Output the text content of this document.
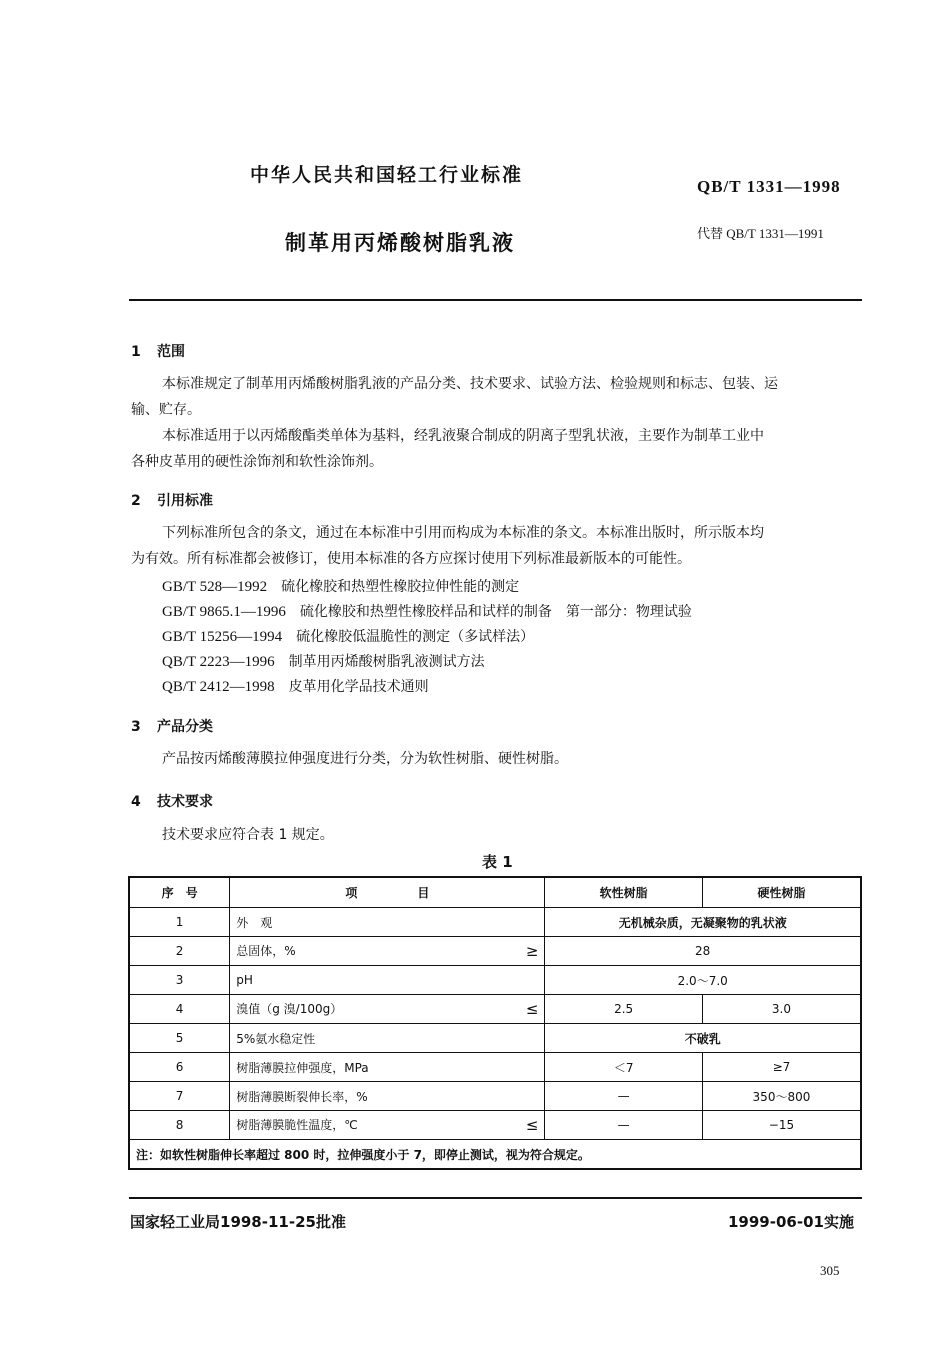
中华人民共和国轻工行业标准
QB/T 1331—1998
制革用丙烯酸树脂乳液	代替 QB/T 1331—1991
1 范围
本标准规定了制革用丙烯酸树脂乳液的产品分类、技术要求、试验方法、检验规则和标志、包装、运
输、贮存。
本标准适用于以丙烯酸酯类单体为基料，经乳液聚合制成的阴离子型乳状液，主要作为制革工业中
各种皮革用的硬性涂饰剂和软性涂饰剂。
2 引用标准
下列标准所包含的条文，通过在本标准中引用而构成为本标准的条文。本标准出版时，所示版本均
为有效。所有标准都会被修订，使用本标准的各方应探讨使用下列标准最新版本的可能性。
GB/T 528—1992　 硫化橡胶和热塑性橡胶拉伸性能的测定
GB/T 9865.1—1996　 硫化橡胶和热塑性橡胶样品和试样的制备　第一部分：物理试验
GB/T 15256—1994　 硫化橡胶低温脆性的测定（多试样法）
QB/T 2223—1996　 制革用丙烯酸树脂乳液测试方法
QB/T 2412—1998　 皮革用化学品技术通则
3 产品分类
产品按丙烯酸薄膜拉伸强度进行分类，分为软性树脂、硬性树脂。
4 技术要求
技术要求应符合表 1 规定。
表 1
序　号	项　　　　　目	软性树脂	硬性树脂
1	外　观	无机械杂质，无凝聚物的乳状液	
2	总固体，% ≥	28	
3	pH	2.0～7.0	
4	溴值（g 溴/100g） ≤	2.5	3.0
5	5%氨水稳定性	不破乳	
6	树脂薄膜拉伸强度，MPa	＜7	≥7
7	树脂薄膜断裂伸长率，%	—	350～800
8	树脂薄膜脆性温度，℃ ≤	—	−15
注：如软性树脂伸长率超过 800 时，拉伸强度小于 7，即停止测试，视为符合规定。			
国家轻工业局1998-11-25批准	1999-06-01实施
305
